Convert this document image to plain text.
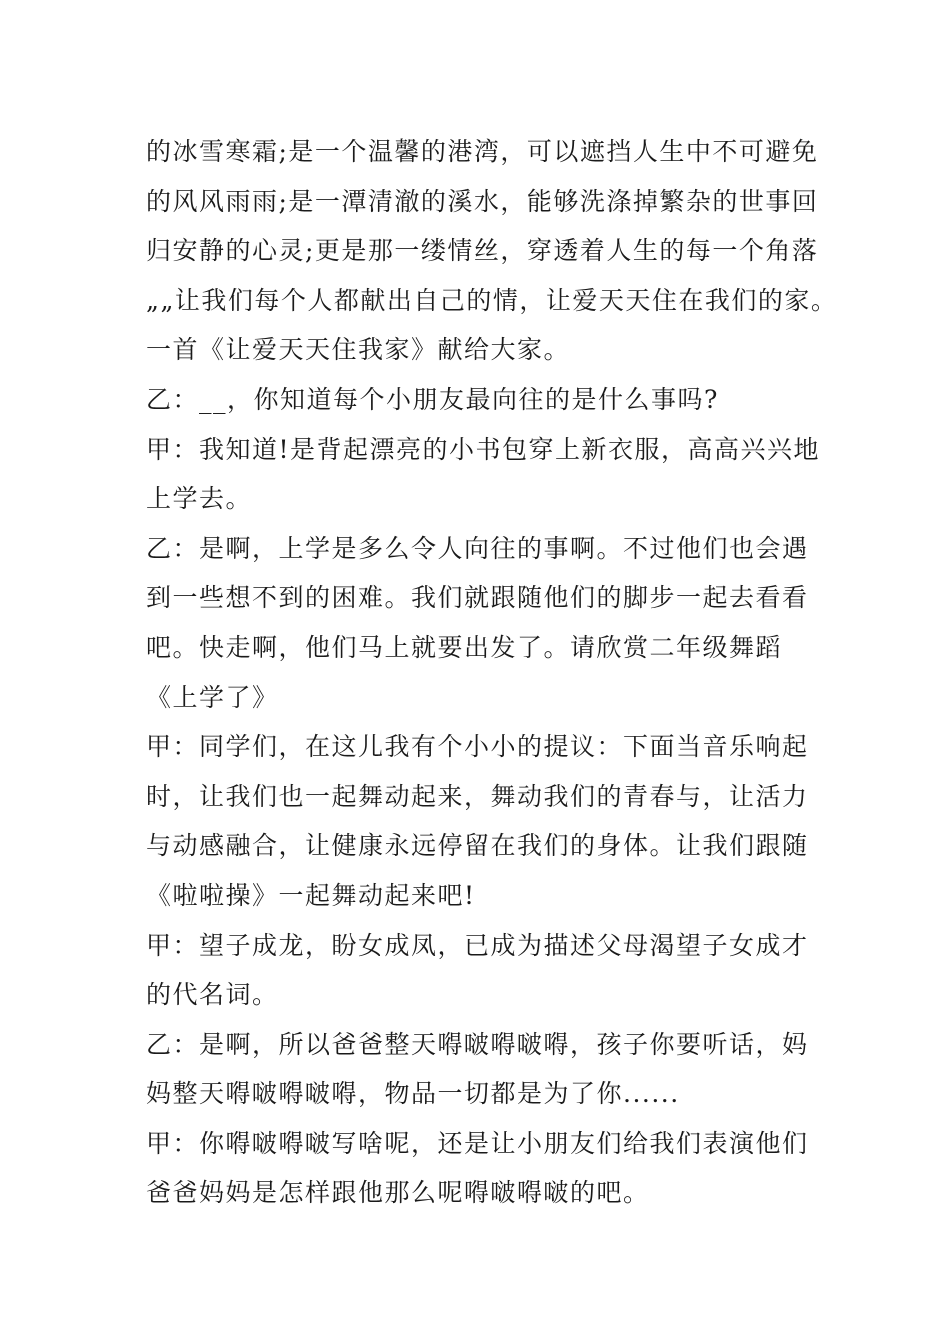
的冰雪寒霜;是一个温馨的港湾，可以遮挡人生中不可避免
的风风雨雨;是一潭清澈的溪水，能够洗涤掉繁杂的世事回
归安静的心灵;更是那一缕情丝，穿透着人生的每一个角落
„„让我们每个人都献出自己的情，让爱天天住在我们的家。
一首《让爱天天住我家》献给大家。
乙：__，你知道每个小朋友最向往的是什么事吗?
甲：我知道!是背起漂亮的小书包穿上新衣服，高高兴兴地
上学去。
乙：是啊，上学是多么令人向往的事啊。不过他们也会遇
到一些想不到的困难。我们就跟随他们的脚步一起去看看
吧。快走啊，他们马上就要出发了。请欣赏二年级舞蹈
《上学了》
甲：同学们，在这儿我有个小小的提议：下面当音乐响起
时，让我们也一起舞动起来，舞动我们的青春与，让活力
与动感融合，让健康永远停留在我们的身体。让我们跟随
《啦啦操》一起舞动起来吧!
甲：望子成龙，盼女成凤，已成为描述父母渴望子女成才
的代名词。
乙：是啊，所以爸爸整天嘚啵嘚啵嘚，孩子你要听话，妈
妈整天嘚啵嘚啵嘚，物品一切都是为了你......
甲：你嘚啵嘚啵写啥呢，还是让小朋友们给我们表演他们
爸爸妈妈是怎样跟他那么呢嘚啵嘚啵的吧。
